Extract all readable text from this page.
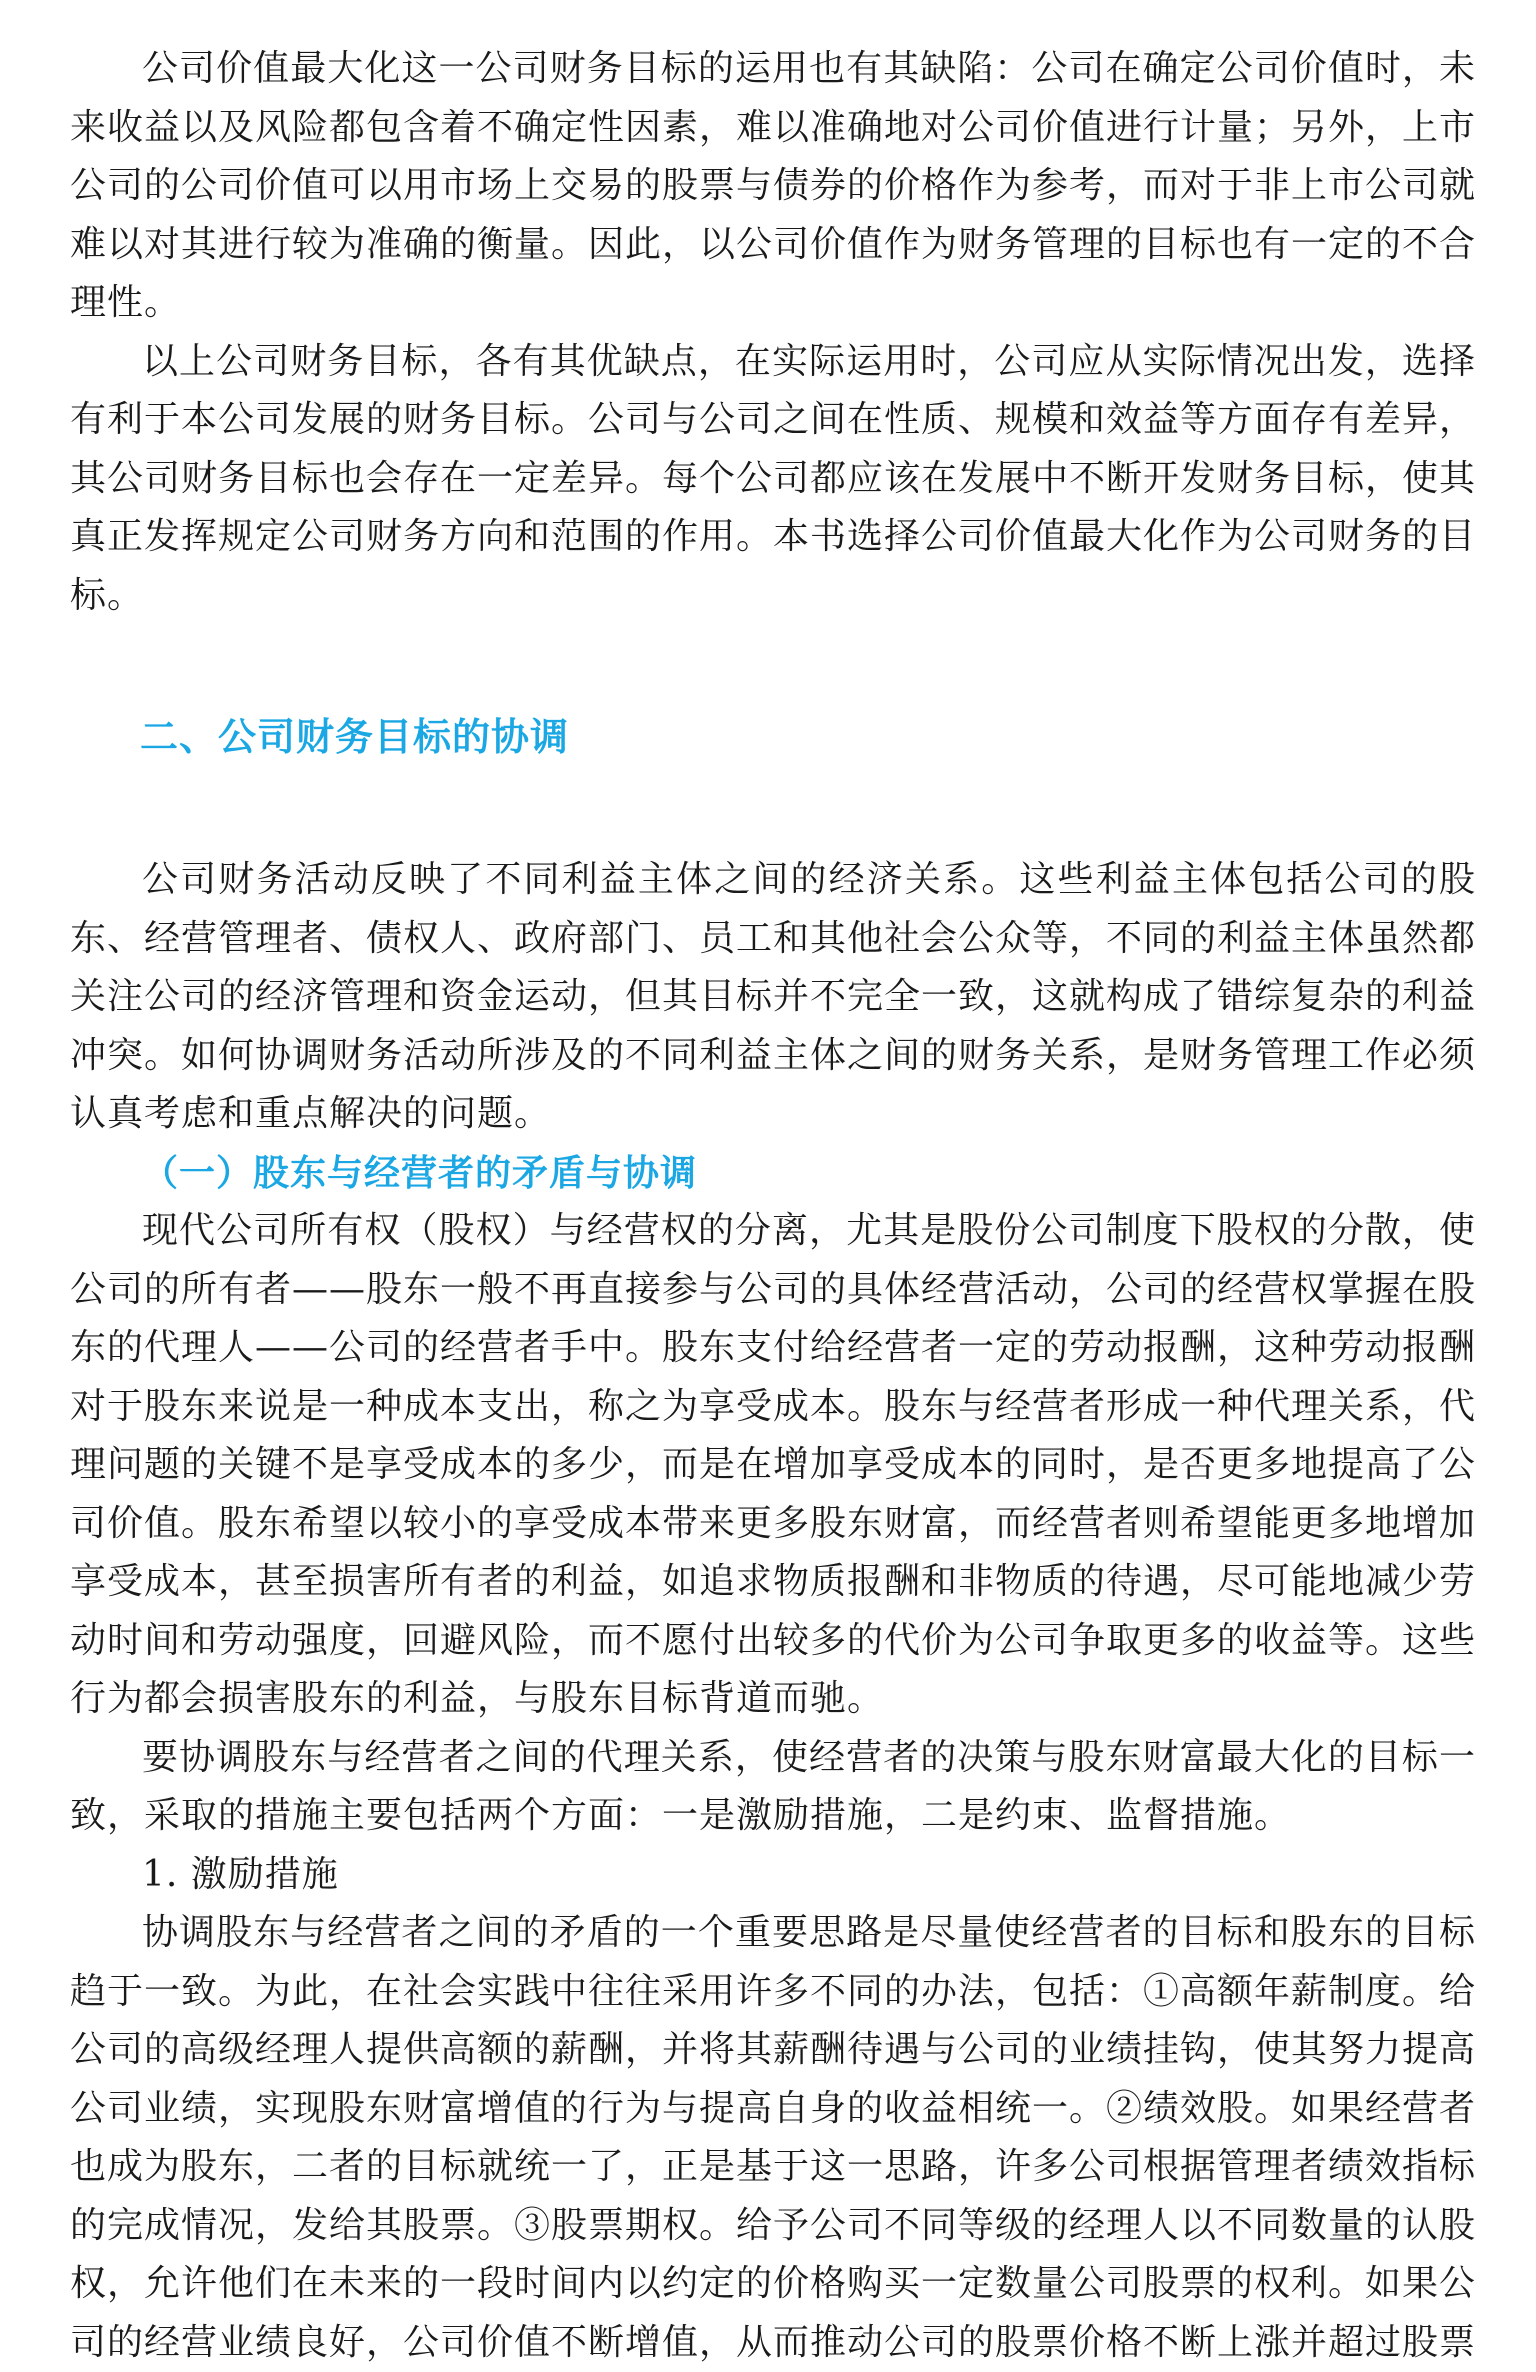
公司价值最大化这一公司财务目标的运用也有其缺陷：公司在确定公司价值时，未来收益以及风险都包含着不确定性因素，难以准确地对公司价值进行计量；另外，上市公司的公司价值可以用市场上交易的股票与债券的价格作为参考，而对于非上市公司就难以对其进行较为准确的衡量。因此，以公司价值作为财务管理的目标也有一定的不合理性。

以上公司财务目标，各有其优缺点，在实际运用时，公司应从实际情况出发，选择有利于本公司发展的财务目标。公司与公司之间在性质、规模和效益等方面存有差异，其公司财务目标也会存在一定差异。每个公司都应该在发展中不断开发财务目标，使其真正发挥规定公司财务方向和范围的作用。本书选择公司价值最大化作为公司财务的目标。

二、公司财务目标的协调

公司财务活动反映了不同利益主体之间的经济关系。这些利益主体包括公司的股东、经营管理者、债权人、政府部门、员工和其他社会公众等，不同的利益主体虽然都关注公司的经济管理和资金运动，但其目标并不完全一致，这就构成了错综复杂的利益冲突。如何协调财务活动所涉及的不同利益主体之间的财务关系，是财务管理工作必须认真考虑和重点解决的问题。

（一）股东与经营者的矛盾与协调

现代公司所有权（股权）与经营权的分离，尤其是股份公司制度下股权的分散，使公司的所有者——股东一般不再直接参与公司的具体经营活动，公司的经营权掌握在股东的代理人——公司的经营者手中。股东支付给经营者一定的劳动报酬，这种劳动报酬对于股东来说是一种成本支出，称之为享受成本。股东与经营者形成一种代理关系，代理问题的关键不是享受成本的多少，而是在增加享受成本的同时，是否更多地提高了公司价值。股东希望以较小的享受成本带来更多股东财富，而经营者则希望能更多地增加享受成本，甚至损害所有者的利益，如追求物质报酬和非物质的待遇，尽可能地减少劳动时间和劳动强度，回避风险，而不愿付出较多的代价为公司争取更多的收益等。这些行为都会损害股东的利益，与股东目标背道而驰。

要协调股东与经营者之间的代理关系，使经营者的决策与股东财富最大化的目标一致，采取的措施主要包括两个方面：一是激励措施，二是约束、监督措施。

1. 激励措施

协调股东与经营者之间的矛盾的一个重要思路是尽量使经营者的目标和股东的目标趋于一致。为此，在社会实践中往往采用许多不同的办法，包括：①高额年薪制度。给公司的高级经理人提供高额的薪酬，并将其薪酬待遇与公司的业绩挂钩，使其努力提高公司业绩，实现股东财富增值的行为与提高自身的收益相统一。②绩效股。如果经营者也成为股东，二者的目标就统一了，正是基于这一思路，许多公司根据管理者绩效指标的完成情况，发给其股票。③股票期权。给予公司不同等级的经理人以不同数量的认股权，允许他们在未来的一段时间内以约定的价格购买一定数量公司股票的权利。如果公司的经营业绩良好，公司价值不断增值，从而推动公司的股票价格不断上涨并超过股票
